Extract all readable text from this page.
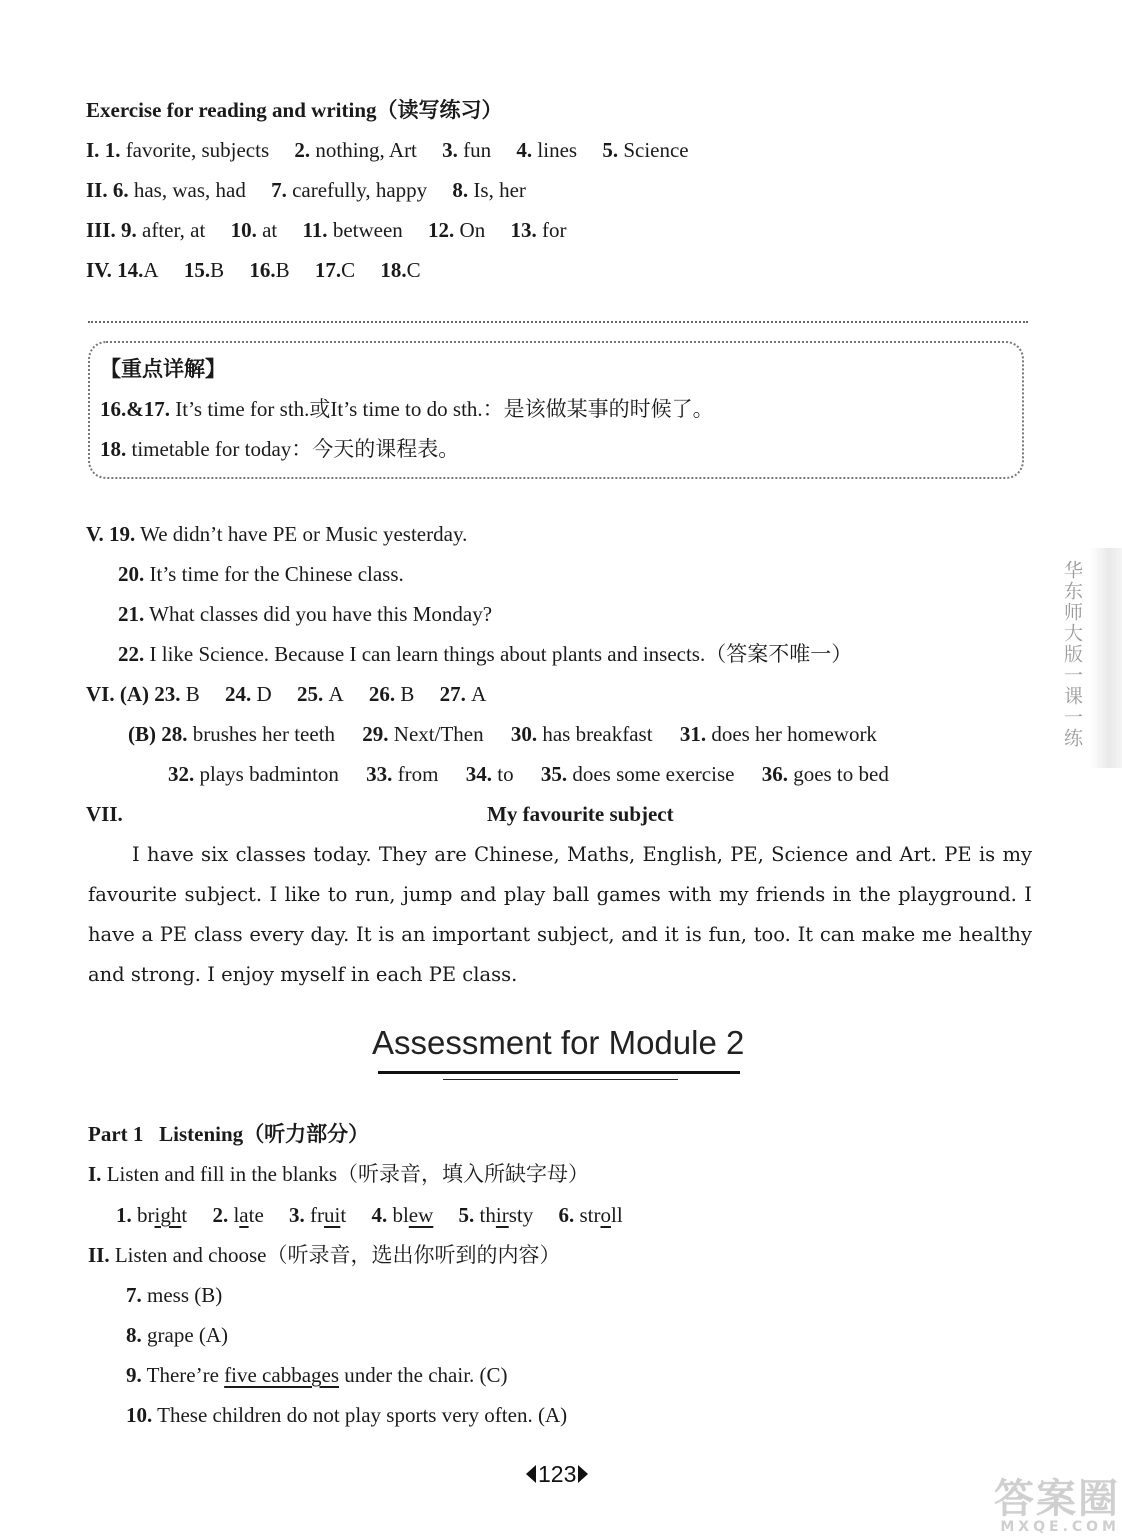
Exercise for reading and writing（读写练习）
I. 1. favorite, subjects 2. nothing, Art 3. fun 4. lines 5. Science
II. 6. has, was, had 7. carefully, happy 8. Is, her
III. 9. after, at 10. at 11. between 12. On 13. for
IV. 14.A 15.B 16.B 17.C 18.C
【重点详解】
16.&17. It’s time for sth.或It’s time to do sth.：是该做某事的时候了。
18. timetable for today：今天的课程表。
V. 19. We didn’t have PE or Music yesterday.
20. It’s time for the Chinese class.
21. What classes did you have this Monday?
22. I like Science. Because I can learn things about plants and insects.（答案不唯一）
VI. (A) 23. B 24. D 25. A 26. B 27. A
(B) 28. brushes her teeth 29. Next/Then 30. has breakfast 31. does her homework
32. plays badminton 33. from 34. to 35. does some exercise 36. goes to bed
VII.	My favourite subject
I have six classes today. They are Chinese, Maths, English, PE, Science and Art. PE is my favourite subject. I like to run, jump and play ball games with my friends in the playground. I have a PE class every day. It is an important subject, and it is fun, too. It can make me healthy and strong. I enjoy myself in each PE class.
Assessment for Module 2
Part 1 Listening（听力部分）
I. Listen and fill in the blanks（听录音，填入所缺字母）
1. bright 2. late 3. fruit 4. blew 5. thirsty 6. stroll
II. Listen and choose（听录音，选出你听到的内容）
7. mess (B)
8. grape (A)
9. There’re five cabbages under the chair. (C)
10. These children do not play sports very often. (A)
华东师大版一课一练
123
答案圈
MXQE.COM
